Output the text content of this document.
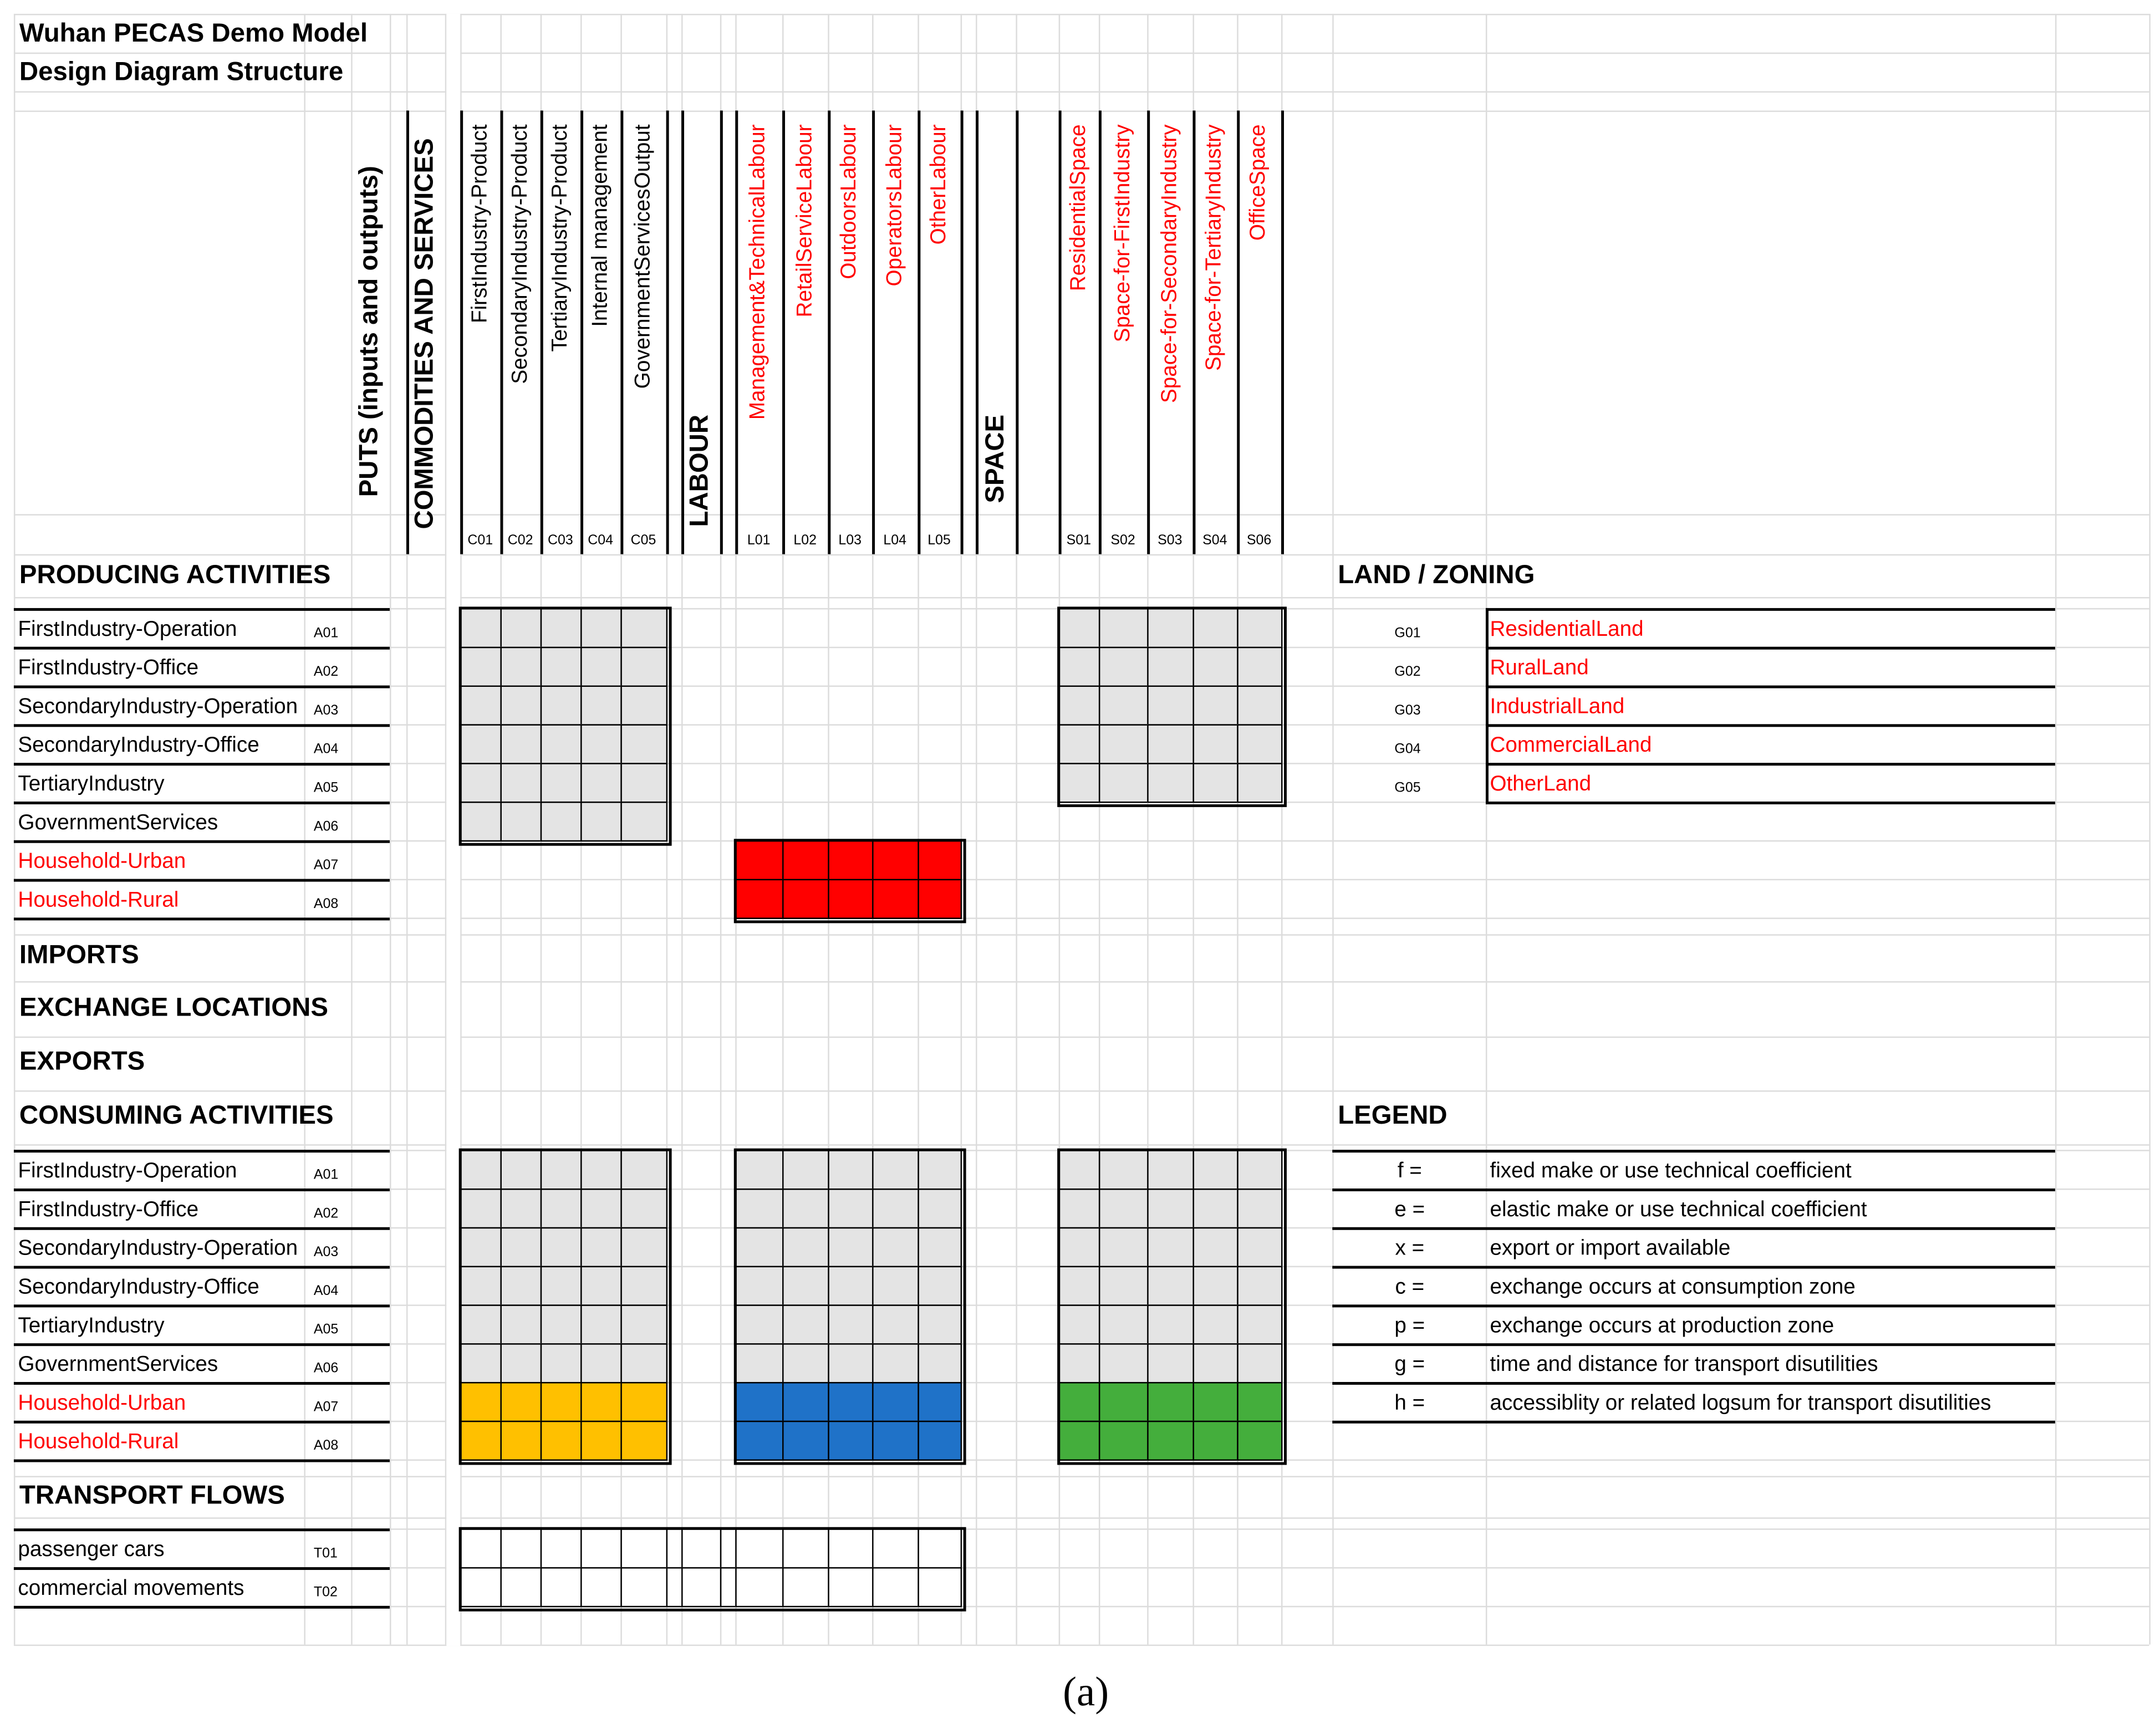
Wuhan PECAS Demo Model
Design Diagram Structure
PUTS (inputs and outputs) COMMODITIES AND SERVICES	LABOUR	SPACE
FirstIndustry-Product
C01
SecondaryIndustry-Product
C02
TertiaryIndustry-Product
C03
Internal management
C04
GovernmentServicesOutput
C05
Management&TechnicalLabour
L01
RetailServiceLabour
L02
OutdoorsLabour
L03
OperatorsLabour
L04
OtherLabour
L05
ResidentialSpace
S01
Space-for-FirstIndustry
S02
Space-for-SecondaryIndustry
S03
Space-for-TertiaryIndustry
S04
OfficeSpace
S06
PRODUCING ACTIVITIES
IMPORTS
EXCHANGE LOCATIONS
EXPORTS
CONSUMING ACTIVITIES
TRANSPORT FLOWS
LAND / ZONING
LEGEND
FirstIndustry-Operation	A01
FirstIndustry-Office	A02
SecondaryIndustry-Operation	A03
SecondaryIndustry-Office	A04
TertiaryIndustry	A05
GovernmentServices	A06
Household-Urban	A07
Household-Rural	A08
FirstIndustry-Operation	A01
FirstIndustry-Office	A02
SecondaryIndustry-Operation	A03
SecondaryIndustry-Office	A04
TertiaryIndustry	A05
GovernmentServices	A06
Household-Urban	A07
Household-Rural	A08
passenger cars	T01
commercial movements	T02
G01	ResidentialLand
G02	RuralLand
G03	IndustrialLand
G04	CommercialLand
G05	OtherLand
f =	fixed make or use technical coefficient
e =	elastic make or use technical coefficient
x =	export or import available
c =	exchange occurs at consumption zone
p =	exchange occurs at production zone
g =	time and distance for transport disutilities
h =	accessiblity or related logsum for transport disutilities
(a)
